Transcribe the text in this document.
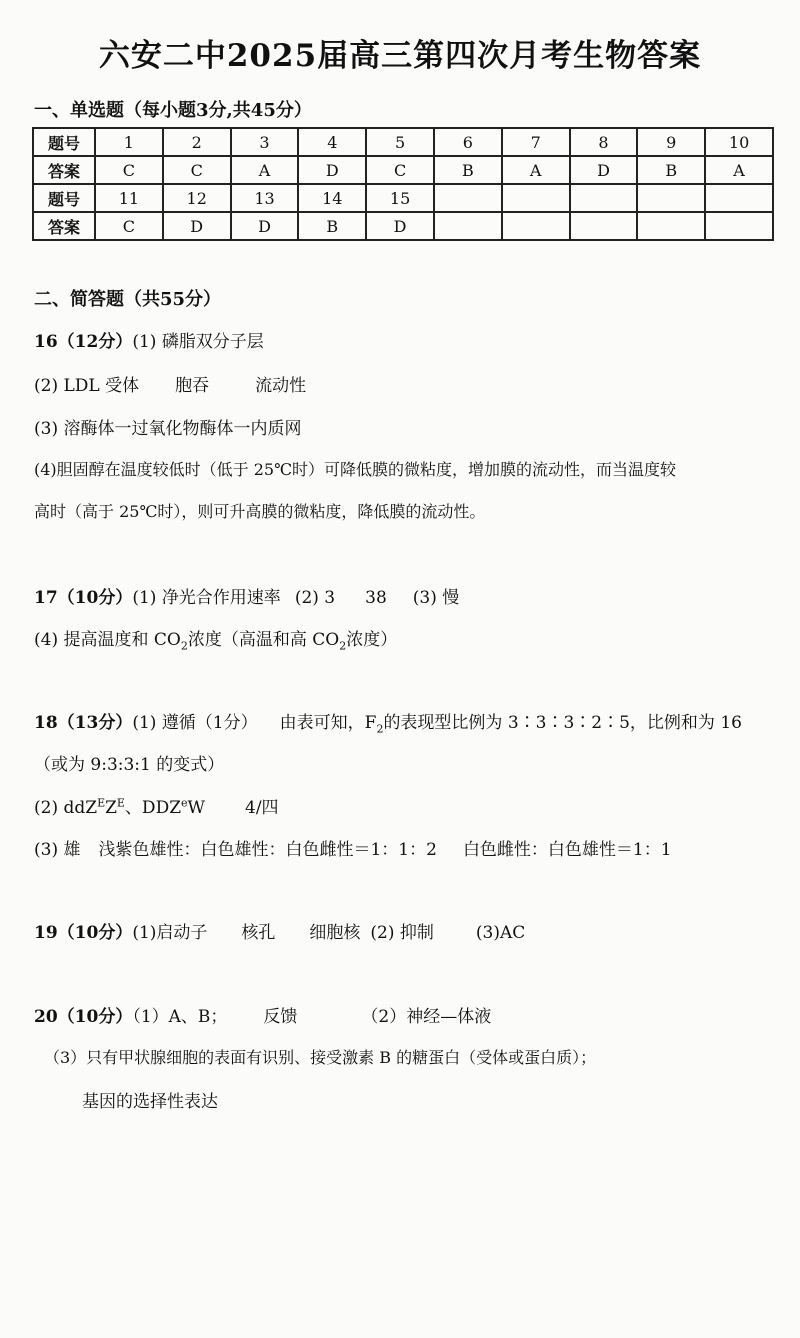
六安二中2025届高三第四次月考生物答案
一、单选题（每小题3分,共45分）
题号	1	2	3	4	5	6	7	8	9	10
答案	C	C	A	D	C	B	A	D	B	A
题号	11	12	13	14	15					
答案	C	D	D	B	D					
二、简答题（共55分）
16（12分）(1) 磷脂双分子层
(2) LDL 受体 胞吞	流动性
(3) 溶酶体一过氧化物酶体一内质网
(4)胆固醇在温度较低时（低于 25℃时）可降低膜的微粘度，增加膜的流动性，而当温度较
高时（高于 25℃时），则可升高膜的微粘度，降低膜的流动性。
17（10分）(1) 净光合作用速率 (2) 3 38 (3) 慢
(4) 提高温度和 $CO_2$浓度（高温和高 $CO_2$浓度）
18（13分）(1) 遵循（1分） 由表可知，$F_2$的表现型比例为 3∶3∶3∶2∶5，比例和为 16
（或为 9:3:3:1 的变式）
(2) $ddZ^EZ^E$、DDZ$^e$W 4/四
(3) 雄 浅紫色雄性：白色雄性：白色雌性＝1：1：2 白色雌性：白色雄性＝1：1
19（10分）(1)启动子 核孔 细胞核 (2) 抑制 (3)AC
20（10分）（1）A、B； 反馈	（2）神经—体液
（3）只有甲状腺细胞的表面有识别、接受激素 B 的糖蛋白（受体或蛋白质）；
基因的选择性表达
